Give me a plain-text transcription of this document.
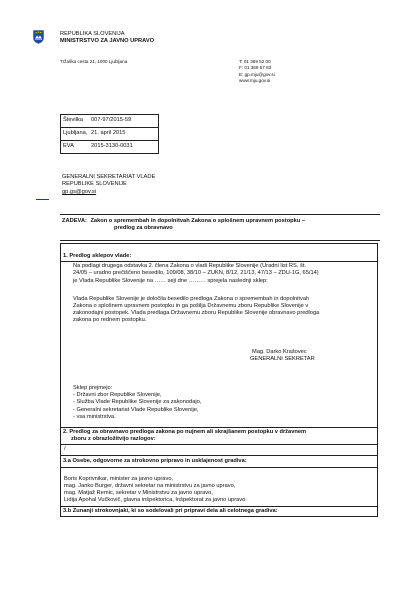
REPUBLIKA SLOVENIJA
MINISTRSTVO ZA JAVNO UPRAVO
Tržaška cesta 21, 1000 Ljubljana	T: 01 369 52 00
F: 01 369 57 83
E: gp.mju@gov.si
www.mju.gov.si
Številka	007-97/2015-59
Ljubljana, 21. april 2015
EVA	2015-3130-0031
GENERALNI SEKRETARIAT VLADE
REPUBLIKE SLOVENIJE
gp.gs@gov.si
ZADEVA: Zakon o spremembah in dopolnitvah Zakona o splošnem upravnem postopku –
predlog za obravnavo
1. Predlog sklepov vlade:

Na podlagi drugega odstavka 2. člena Zakona o vladi Republike Slovenije (Uradni list RS, št.
24/05 – uradno prečiščeno besedilo, 109/08, 38/10 – ZUKN, 8/12, 21/13, 47/13 – ZDU-1G, 65/14)
je Vlada Republike Slovenije na …… seji dne ……… sprejela naslednji sklep:
Vlada Republike Slovenije je določila besedilo predloga Zakona o spremembah in dopolnitvah
Zakona o splošnem upravnem postopku in ga pošilja Državnemu zboru Republike Slovenije v
zakonodajni postopek. Vlada predlaga Državnemu zboru Republike Slovenije obravnavo predloga
zakona po rednem postopku.
Mag. Darko Krašovec
GENERALNI SEKRETAR
Sklep prejmejo:
- Državni zbor Republike Slovenije,
- Služba Vlade Republike Slovenije za zakonodajo,
- Generalni sekretariat Vlade Republike Slovenije,
- vsa ministrstva.

2. Predlog za obravnavo predloga zakona po nujnem ali skrajšanem postopku v državnem
zboru z obrazložitvijo razlogov:

/
3.a Osebe, odgovorne za strokovno pripravo in usklajenost gradiva:

Boris Koprivnikar, minister za javno upravo,
mag. Janko Burger, državni sekretar na ministrstvu za javno upravo,
mag. Matjaž Remic, sekretar v Ministrstvu za javno upravo,
Lidija Apohal Vučkovič, glavna inšpektorica, Inšpektorat za javno upravo.

3.b Zunanji strokovnjaki, ki so sodelovali pri pripravi dela ali celotnega gradiva:
